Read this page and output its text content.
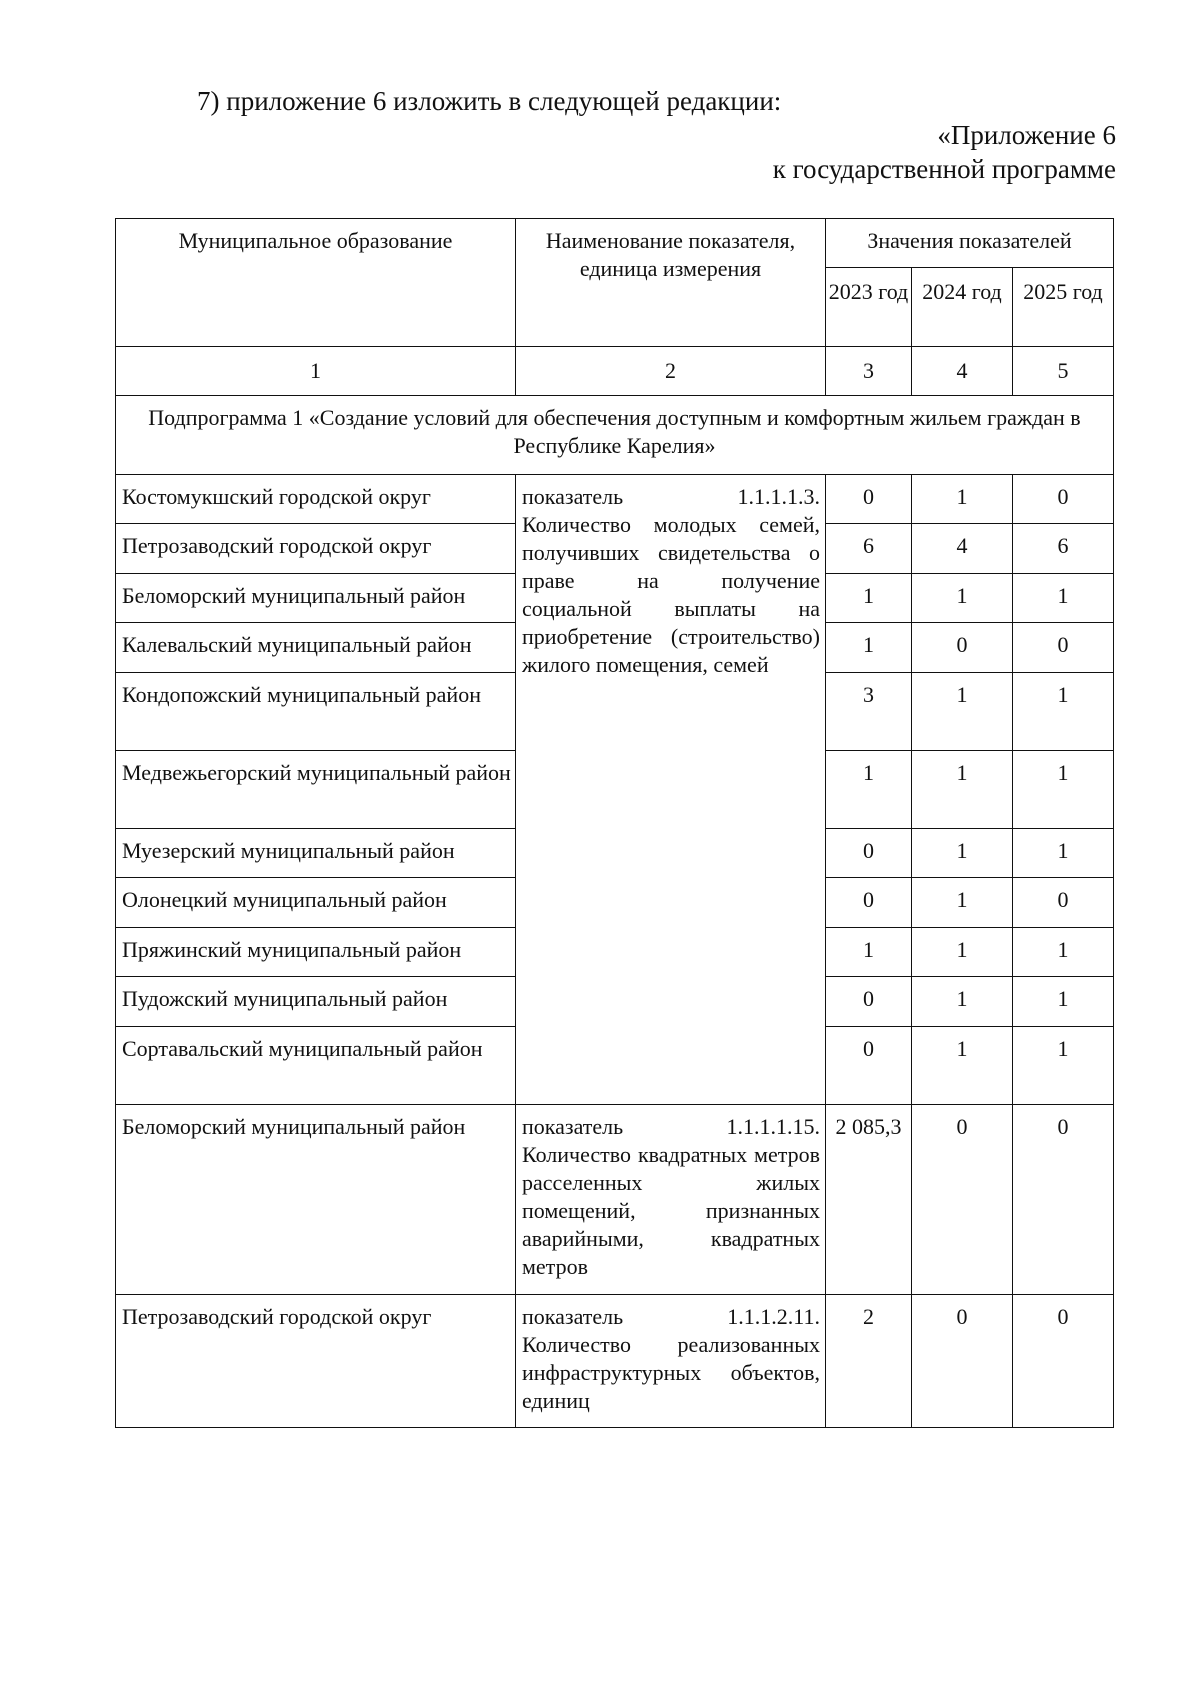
7) приложение 6 изложить в следующей редакции:
«Приложение 6
к государственной программе
Муниципальное образование	Наименование показателя, единица измерения	Значения показателей		
		2023 год	2024 год	2025 год
1	2	3	4	5
Подпрограмма 1 «Создание условий для обеспечения доступным и комфортным жильем граждан в Республике Карелия»				
Костомукшский городской округ	показатель 1.1.1.1.3. Количество молодых семей, получивших свидетельства о праве на получение социальной выплаты на приобретение (строительство) жилого помещения, семей	0	1	0
Петрозаводский городской округ		6	4	6
Беломорский муниципальный район		1	1	1
Калевальский муниципальный район		1	0	0
Кондопожский муниципальный район		3	1	1
Медвежьегорский муниципальный район		1	1	1
Муезерский муниципальный район		0	1	1
Олонецкий муниципальный район		0	1	0
Пряжинский муниципальный район		1	1	1
Пудожский муниципальный район		0	1	1
Сортавальский муниципальный район		0	1	1
Беломорский муниципальный район	показатель 1.1.1.1.15. Количество квадратных метров расселенных жилых помещений, признанных аварийными, квадратных метров	2 085,3	0	0
Петрозаводский городской округ	показатель 1.1.1.2.11. Количество реализованных инфраструктурных объектов, единиц	2	0	0
